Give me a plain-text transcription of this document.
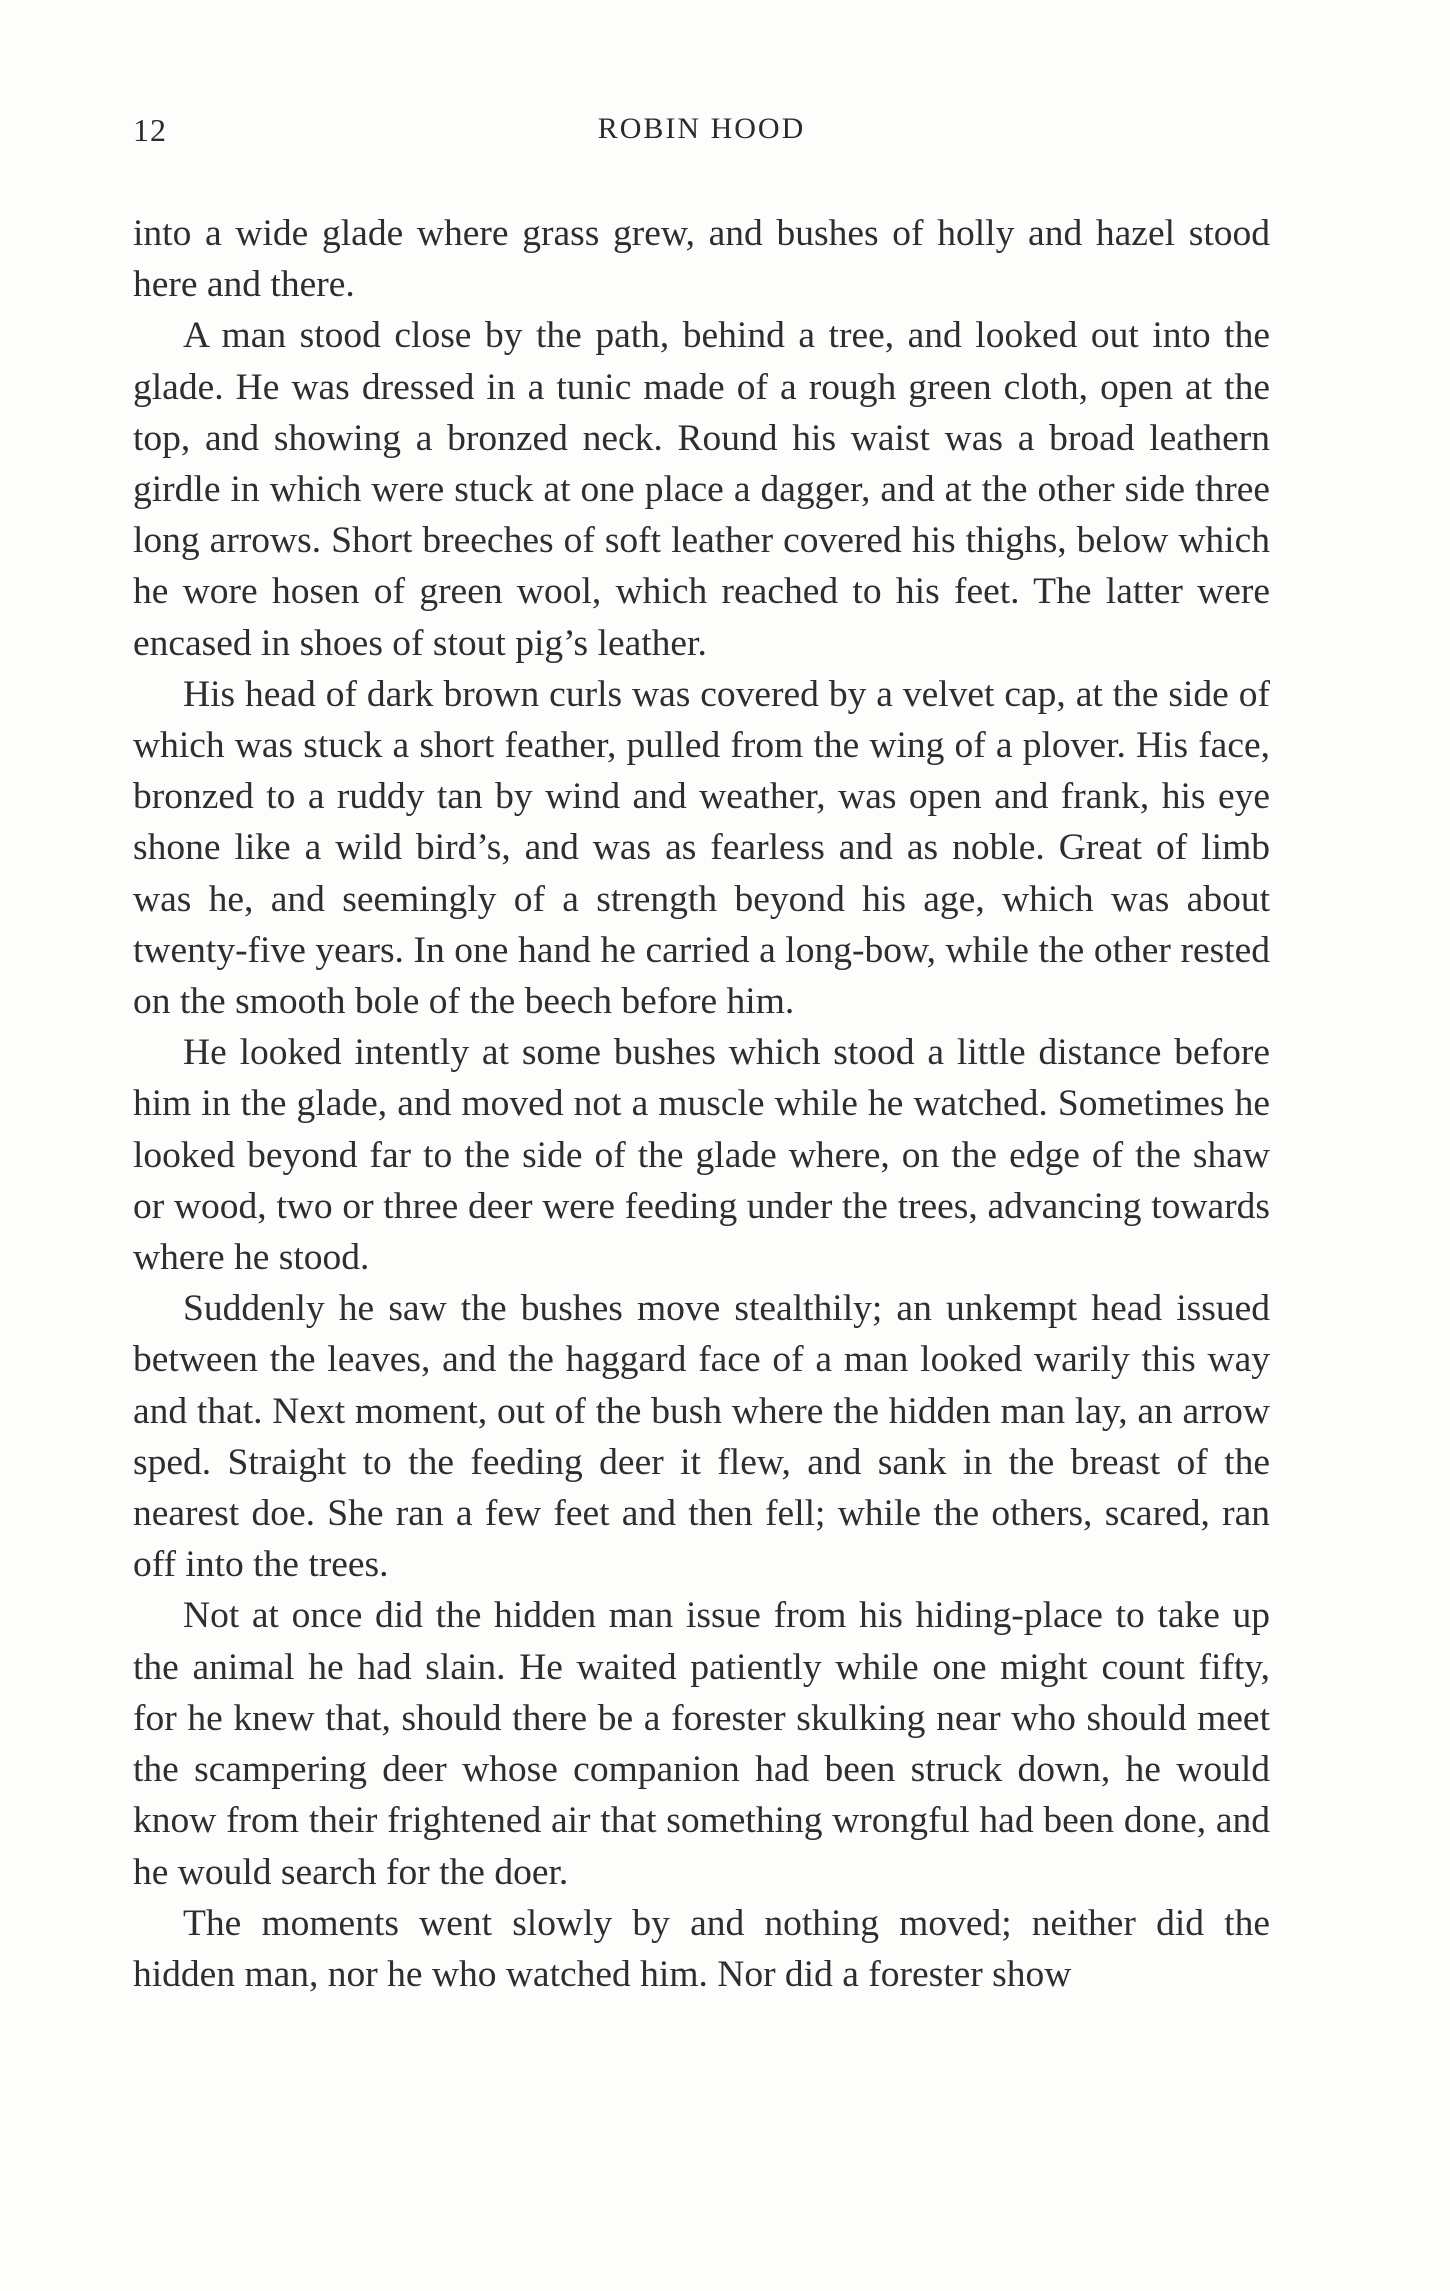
12	ROBIN HOOD

into a wide glade where grass grew, and bushes of holly and hazel stood here and there.

A man stood close by the path, behind a tree, and looked out into the glade. He was dressed in a tunic made of a rough green cloth, open at the top, and showing a bronzed neck. Round his waist was a broad leathern girdle in which were stuck at one place a dagger, and at the other side three long arrows. Short breeches of soft leather covered his thighs, below which he wore hosen of green wool, which reached to his feet. The latter were encased in shoes of stout pig’s leather.

His head of dark brown curls was covered by a velvet cap, at the side of which was stuck a short feather, pulled from the wing of a plover. His face, bronzed to a ruddy tan by wind and weather, was open and frank, his eye shone like a wild bird’s, and was as fearless and as noble. Great of limb was he, and seemingly of a strength beyond his age, which was about twenty-five years. In one hand he carried a long-bow, while the other rested on the smooth bole of the beech before him.

He looked intently at some bushes which stood a little distance before him in the glade, and moved not a muscle while he watched. Sometimes he looked beyond far to the side of the glade where, on the edge of the shaw or wood, two or three deer were feeding under the trees, advancing towards where he stood.

Suddenly he saw the bushes move stealthily; an unkempt head issued between the leaves, and the haggard face of a man looked warily this way and that. Next moment, out of the bush where the hidden man lay, an arrow sped. Straight to the feeding deer it flew, and sank in the breast of the nearest doe. She ran a few feet and then fell; while the others, scared, ran off into the trees.

Not at once did the hidden man issue from his hiding-place to take up the animal he had slain. He waited patiently while one might count fifty, for he knew that, should there be a forester skulking near who should meet the scampering deer whose companion had been struck down, he would know from their frightened air that something wrongful had been done, and he would search for the doer.

The moments went slowly by and nothing moved; neither did the hidden man, nor he who watched him. Nor did a forester show
